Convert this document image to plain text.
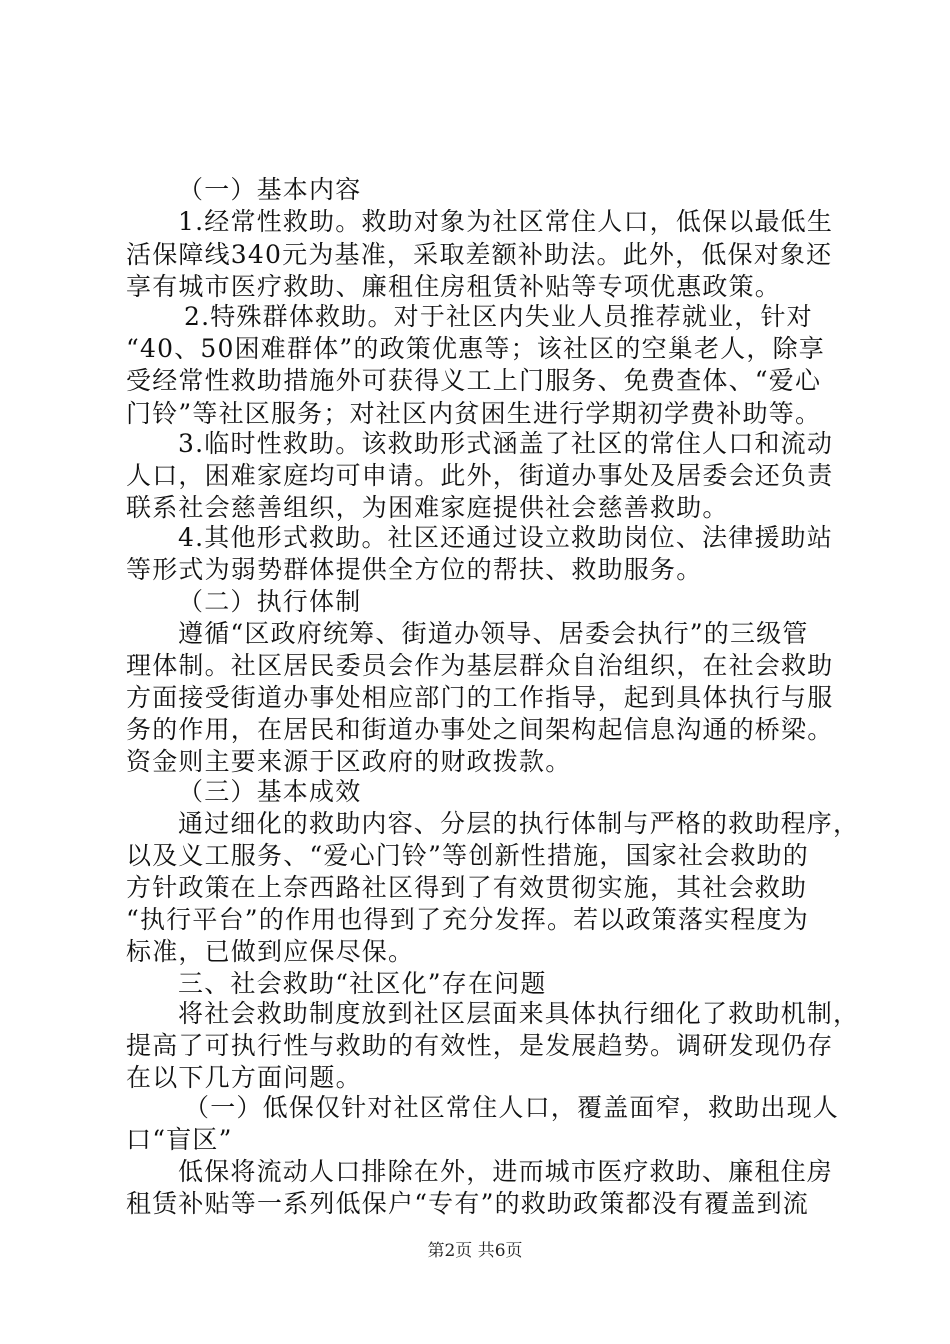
（一）基本内容
1.经常性救助。救助对象为社区常住人口，低保以最低生
活保障线340元为基准，采取差额补助法。此外，低保对象还
享有城市医疗救助、廉租住房租赁补贴等专项优惠政策。
2.特殊群体救助。对于社区内失业人员推荐就业，针对
“40、50困难群体”的政策优惠等；该社区的空巢老人，除享
受经常性救助措施外可获得义工上门服务、免费查体、“爱心
门铃”等社区服务；对社区内贫困生进行学期初学费补助等。
3.临时性救助。该救助形式涵盖了社区的常住人口和流动
人口，困难家庭均可申请。此外，街道办事处及居委会还负责
联系社会慈善组织，为困难家庭提供社会慈善救助。
4.其他形式救助。社区还通过设立救助岗位、法律援助站
等形式为弱势群体提供全方位的帮扶、救助服务。
（二）执行体制
遵循“区政府统筹、街道办领导、居委会执行”的三级管
理体制。社区居民委员会作为基层群众自治组织，在社会救助
方面接受街道办事处相应部门的工作指导，起到具体执行与服
务的作用，在居民和街道办事处之间架构起信息沟通的桥梁。
资金则主要来源于区政府的财政拨款。
（三）基本成效
通过细化的救助内容、分层的执行体制与严格的救助程序，
以及义工服务、“爱心门铃”等创新性措施，国家社会救助的
方针政策在上奈西路社区得到了有效贯彻实施，其社会救助
“执行平台”的作用也得到了充分发挥。若以政策落实程度为
标准，已做到应保尽保。
三、社会救助“社区化”存在问题
将社会救助制度放到社区层面来具体执行细化了救助机制，
提高了可执行性与救助的有效性，是发展趋势。调研发现仍存
在以下几方面问题。
（一）低保仅针对社区常住人口，覆盖面窄，救助出现人
口“盲区”
低保将流动人口排除在外，进而城市医疗救助、廉租住房
租赁补贴等一系列低保户“专有”的救助政策都没有覆盖到流
第2页 共6页
